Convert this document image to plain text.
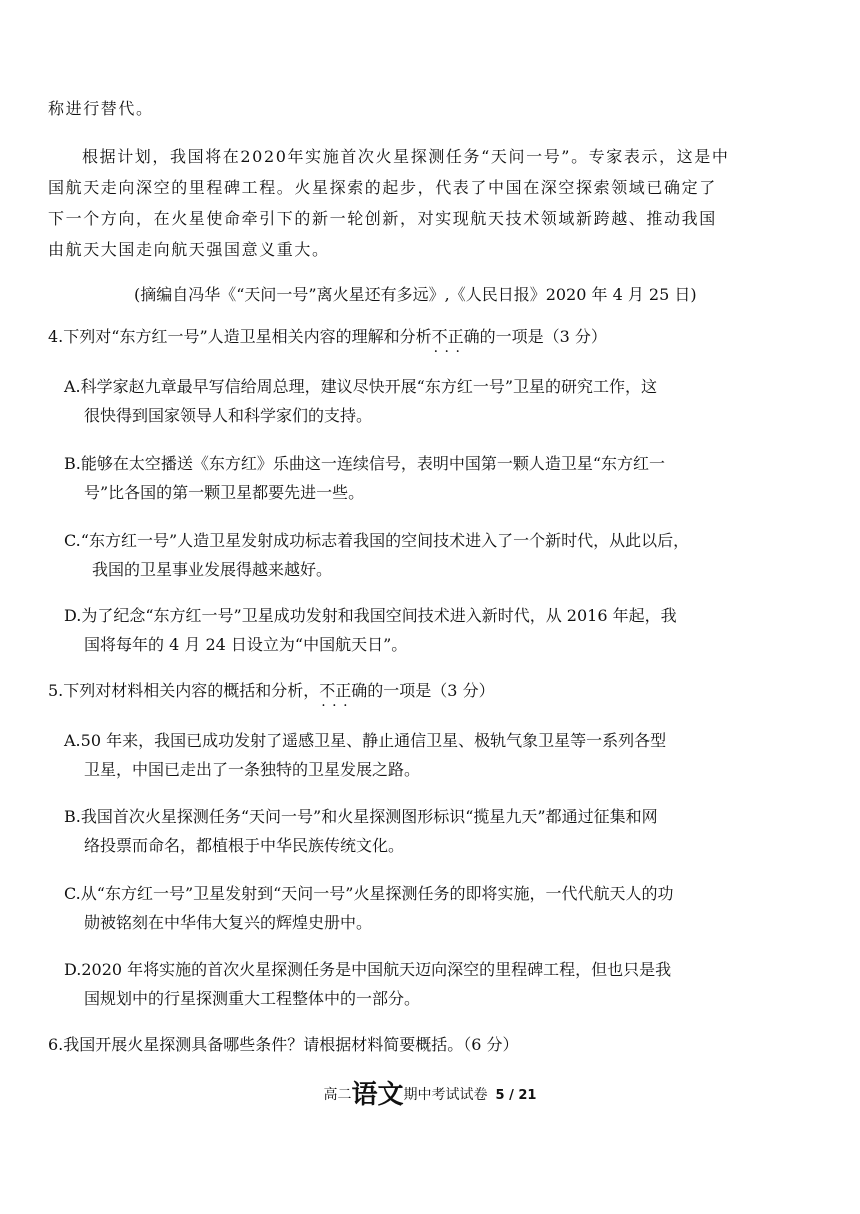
称进行替代。
根据计划，我国将在2020年实施首次火星探测任务“天问一号”。专家表示，这是中
国航天走向深空的里程碑工程。火星探索的起步，代表了中国在深空探索领域已确定了
下一个方向，在火星使命牵引下的新一轮创新，对实现航天技术领域新跨越、推动我国
由航天大国走向航天强国意义重大。
(摘编自冯华《“天问一号”离火星还有多远》,《人民日报》2020 年 4 月 25 日)
4.下列对“东方红一号”人造卫星相关内容的理解和分析不正确 · · ·的一项是（3 分）
A.科学家赵九章最早写信给周总理，建议尽快开展“东方红一号”卫星的研究工作，这
很快得到国家领导人和科学家们的支持。
B.能够在太空播送《东方红》乐曲这一连续信号，表明中国第一颗人造卫星“东方红一
号”比各国的第一颗卫星都要先进一些。
C.“东方红一号”人造卫星发射成功标志着我国的空间技术进入了一个新时代，从此以后，
我国的卫星事业发展得越来越好。
D.为了纪念“东方红一号”卫星成功发射和我国空间技术进入新时代，从 2016 年起，我
国将每年的 4 月 24 日设立为“中国航天日”。
5.下列对材料相关内容的概括和分析，不正确 · · ·的一项是（3 分）
A.50 年来，我国已成功发射了遥感卫星、静止通信卫星、极轨气象卫星等一系列各型
卫星，中国已走出了一条独特的卫星发展之路。
B.我国首次火星探测任务“天问一号”和火星探测图形标识“揽星九天”都通过征集和网
络投票而命名，都植根于中华民族传统文化。
C.从“东方红一号”卫星发射到“天问一号”火星探测任务的即将实施，一代代航天人的功
勋被铭刻在中华伟大复兴的辉煌史册中。
D.2020 年将实施的首次火星探测任务是中国航天迈向深空的里程碑工程，但也只是我
国规划中的行星探测重大工程整体中的一部分。
6.我国开展火星探测具备哪些条件？请根据材料简要概括。（6 分）
高二语文期中考试试卷 5 / 21
